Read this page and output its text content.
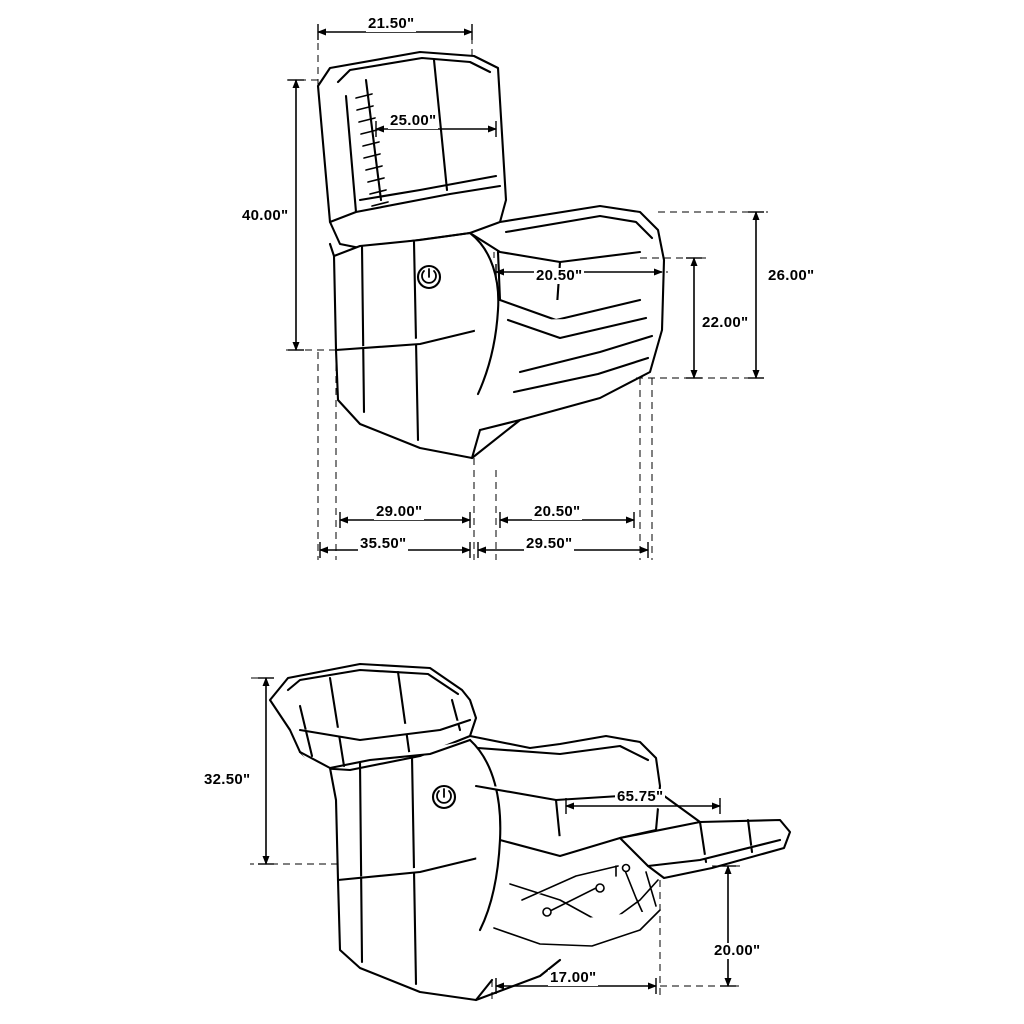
21.50"
25.00"
40.00"
20.50"	26.00"
22.00"
29.00"	20.50"
35.50"	29.50"
32.50"
65.75"
20.00"
17.00"
